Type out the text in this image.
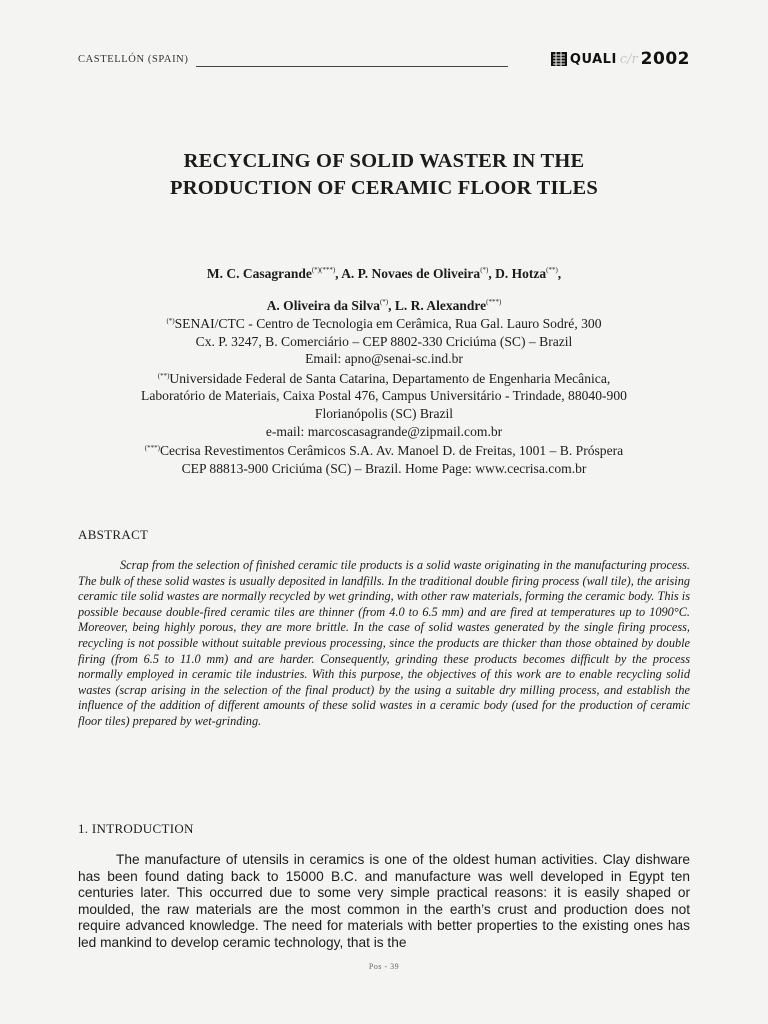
CASTELLÓN (SPAIN)	QUALI c/r 2002
RECYCLING OF SOLID WASTER IN THE
PRODUCTION OF CERAMIC FLOOR TILES
M. C. Casagrande(*)(***), A. P. Novaes de Oliveira(*), D. Hotza(**),
A. Oliveira da Silva(*), L. R. Alexandre(***)
(*)SENAI/CTC - Centro de Tecnologia em Cerâmica, Rua Gal. Lauro Sodré, 300
Cx. P. 3247, B. Comerciário – CEP 8802-330 Criciúma (SC) – Brazil
Email: apno@senai-sc.ind.br
(**)Universidade Federal de Santa Catarina, Departamento de Engenharia Mecânica,
Laboratório de Materiais, Caixa Postal 476, Campus Universitário - Trindade, 88040-900
Florianópolis (SC) Brazil
e-mail: marcoscasagrande@zipmail.com.br
(***)Cecrisa Revestimentos Cerâmicos S.A. Av. Manoel D. de Freitas, 1001 – B. Próspera
CEP 88813-900 Criciúma (SC) – Brazil. Home Page: www.cecrisa.com.br
ABSTRACT

Scrap from the selection of finished ceramic tile products is a solid waste originating in the manufacturing process. The bulk of these solid wastes is usually deposited in landfills. In the traditional double firing process (wall tile), the arising ceramic tile solid wastes are normally recycled by wet grinding, with other raw materials, forming the ceramic body. This is possible because double-fired ceramic tiles are thinner (from 4.0 to 6.5 mm) and are fired at temperatures up to 1090°C. Moreover, being highly porous, they are more brittle. In the case of solid wastes generated by the single firing process, recycling is not possible without suitable previous processing, since the products are thicker than those obtained by double firing (from 6.5 to 11.0 mm) and are harder. Consequently, grinding these products becomes difficult by the process normally employed in ceramic tile industries. With this purpose, the objectives of this work are to enable recycling solid wastes (scrap arising in the selection of the final product) by the using a suitable dry milling process, and establish the influence of the addition of different amounts of these solid wastes in a ceramic body (used for the production of ceramic floor tiles) prepared by wet-grinding.

1. INTRODUCTION

The manufacture of utensils in ceramics is one of the oldest human activities. Clay dishware has been found dating back to 15000 B.C. and manufacture was well developed in Egypt ten centuries later. This occurred due to some very simple practical reasons: it is easily shaped or moulded, the raw materials are the most common in the earth’s crust and production does not require advanced knowledge. The need for materials with better properties to the existing ones has led mankind to develop ceramic technology, that is the

Pos - 39
